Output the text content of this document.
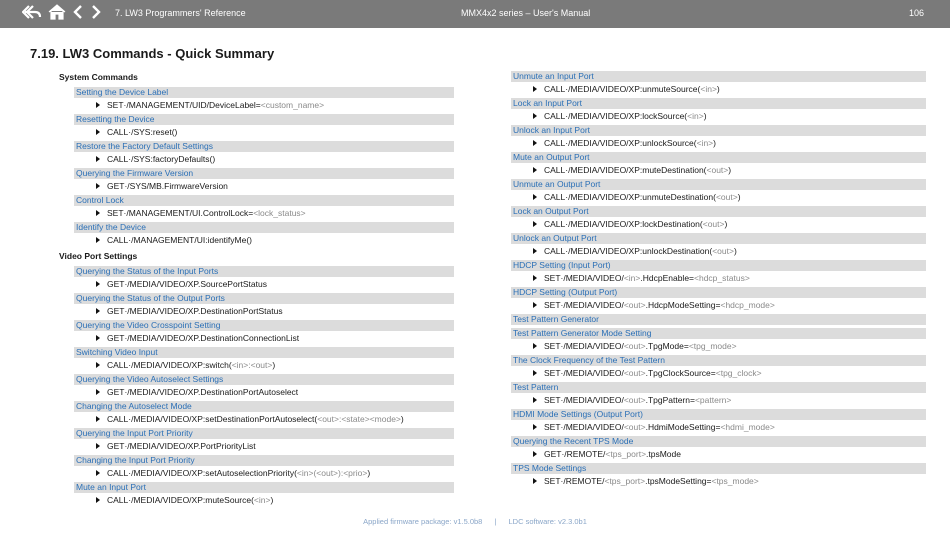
7. LW3 Programmers' Reference	MMX4x2 series – User's Manual	106
7.19. LW3 Commands - Quick Summary
System Commands
Setting the Device Label
SET·/MANAGEMENT/UID/DeviceLabel=<custom_name>
Resetting the Device
CALL·/SYS:reset()
Restore the Factory Default Settings
CALL·/SYS:factoryDefaults()
Querying the Firmware Version
GET·/SYS/MB.FirmwareVersion
Control Lock
SET·/MANAGEMENT/UI.ControlLock=<lock_status>
Identify the Device
CALL·/MANAGEMENT/UI:identifyMe()
Video Port Settings
Querying the Status of the Input Ports
GET·/MEDIA/VIDEO/XP.SourcePortStatus
Querying the Status of the Output Ports
GET·/MEDIA/VIDEO/XP.DestinationPortStatus
Querying the Video Crosspoint Setting
GET·/MEDIA/VIDEO/XP.DestinationConnectionList
Switching Video Input
CALL·/MEDIA/VIDEO/XP:switch(<in>:<out>)
Querying the Video Autoselect Settings
GET·/MEDIA/VIDEO/XP.DestinationPortAutoselect
Changing the Autoselect Mode
CALL·/MEDIA/VIDEO/XP:setDestinationPortAutoselect(<out>:<state><mode>)
Querying the Input Port Priority
GET·/MEDIA/VIDEO/XP.PortPriorityList
Changing the Input Port Priority
CALL·/MEDIA/VIDEO/XP:setAutoselectionPriority(<in>(<out>):<prio>)
Mute an Input Port
CALL·/MEDIA/VIDEO/XP:muteSource(<in>)
Unmute an Input Port
CALL·/MEDIA/VIDEO/XP:unmuteSource(<in>)
Lock an Input Port
CALL·/MEDIA/VIDEO/XP:lockSource(<in>)
Unlock an Input Port
CALL·/MEDIA/VIDEO/XP:unlockSource(<in>)
Mute an Output Port
CALL·/MEDIA/VIDEO/XP:muteDestination(<out>)
Unmute an Output Port
CALL·/MEDIA/VIDEO/XP:unmuteDestination(<out>)
Lock an Output Port
CALL·/MEDIA/VIDEO/XP:lockDestination(<out>)
Unlock an Output Port
CALL·/MEDIA/VIDEO/XP:unlockDestination(<out>)
HDCP Setting (Input Port)
SET·/MEDIA/VIDEO/<in>.HdcpEnable=<hdcp_status>
HDCP Setting (Output Port)
SET·/MEDIA/VIDEO/<out>.HdcpModeSetting=<hdcp_mode>
Test Pattern Generator
Test Pattern Generator Mode Setting
SET·/MEDIA/VIDEO/<out>.TpgMode=<tpg_mode>
The Clock Frequency of the Test Pattern
SET·/MEDIA/VIDEO/<out>.TpgClockSource=<tpg_clock>
Test Pattern
SET·/MEDIA/VIDEO/<out>.TpgPattern=<pattern>
HDMI Mode Settings (Output Port)
SET·/MEDIA/VIDEO/<out>.HdmiModeSetting=<hdmi_mode>
Querying the Recent TPS Mode
GET·/REMOTE/<tps_port>.tpsMode
TPS Mode Settings
SET·/REMOTE/<tps_port>.tpsModeSetting=<tps_mode>
Applied firmware package: v1.5.0b8 | LDC software: v2.3.0b1
